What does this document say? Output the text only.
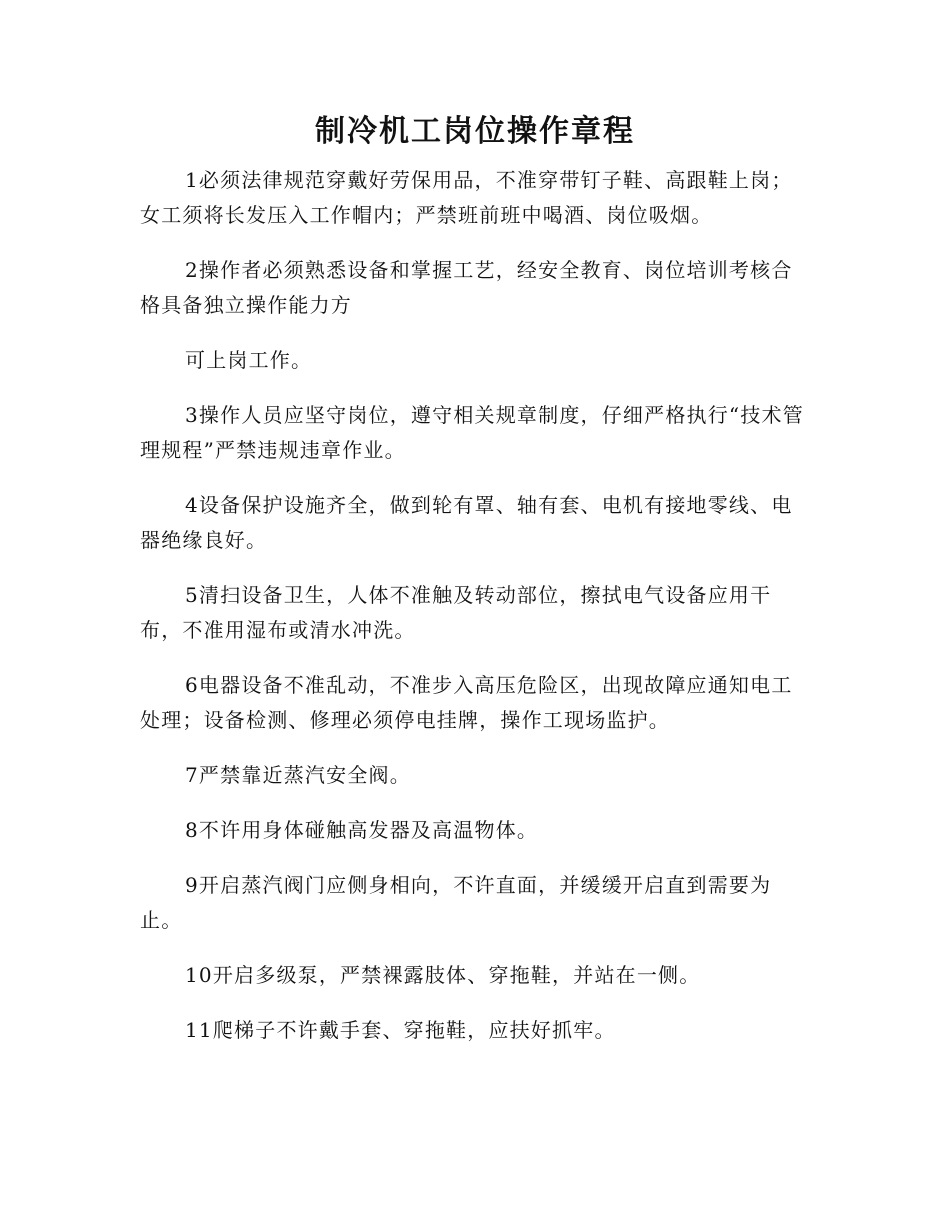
制冷机工岗位操作章程

1必须法律规范穿戴好劳保用品，不准穿带钉子鞋、高跟鞋上岗；女工须将长发压入工作帽内；严禁班前班中喝酒、岗位吸烟。

2操作者必须熟悉设备和掌握工艺，经安全教育、岗位培训考核合格具备独立操作能力方

可上岗工作。

3操作人员应坚守岗位，遵守相关规章制度，仔细严格执行“技术管理规程”严禁违规违章作业。

4设备保护设施齐全，做到轮有罩、轴有套、电机有接地零线、电器绝缘良好。

5清扫设备卫生，人体不准触及转动部位，擦拭电气设备应用干布，不准用湿布或清水冲洗。

6电器设备不准乱动，不准步入高压危险区，出现故障应通知电工处理；设备检测、修理必须停电挂牌，操作工现场监护。

7严禁靠近蒸汽安全阀。

8不许用身体碰触高发器及高温物体。

9开启蒸汽阀门应侧身相向，不许直面，并缓缓开启直到需要为止。

10开启多级泵，严禁裸露肢体、穿拖鞋，并站在一侧。

11爬梯子不许戴手套、穿拖鞋，应扶好抓牢。
